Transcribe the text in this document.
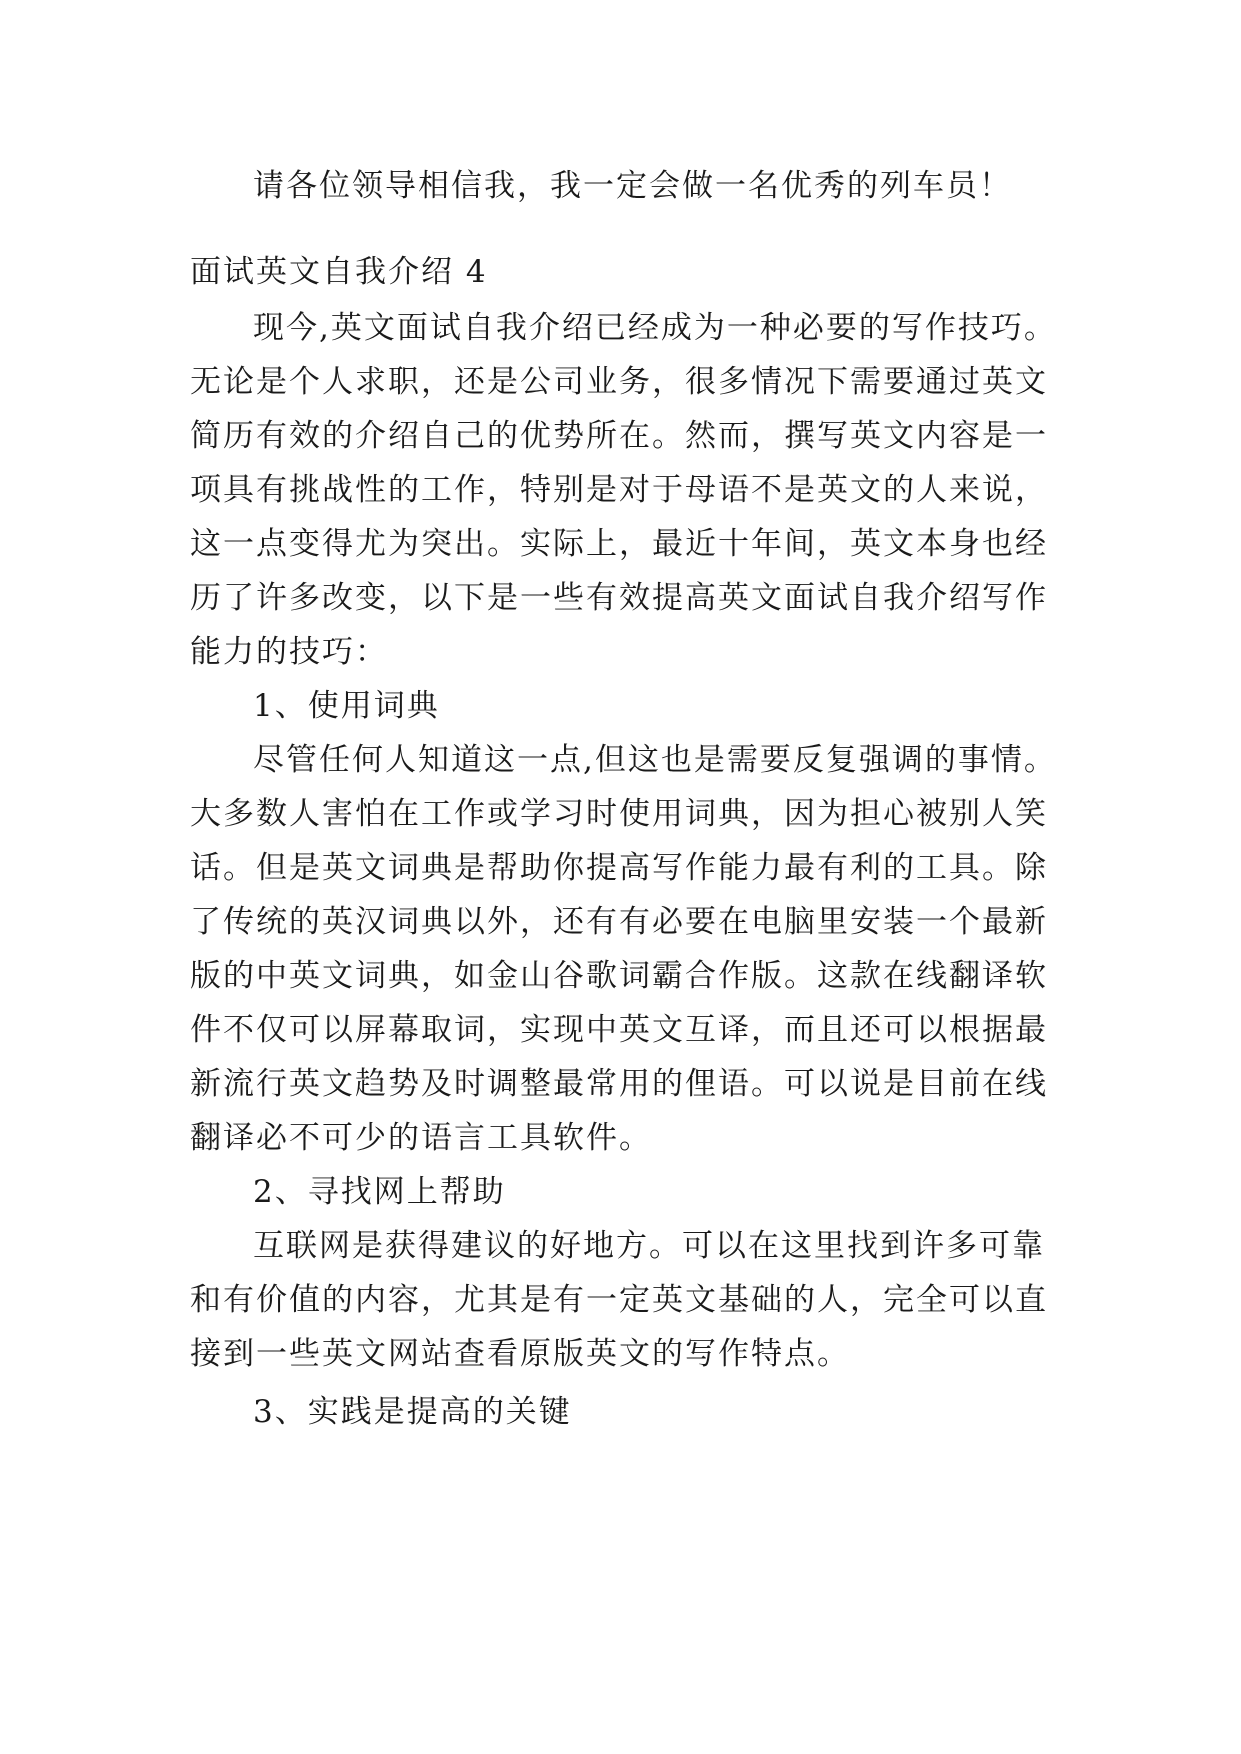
请各位领导相信我，我一定会做一名优秀的列车员！
面试英文自我介绍 4
现今,英文面试自我介绍已经成为一种必要的写作技巧。
无论是个人求职，还是公司业务，很多情况下需要通过英文
简历有效的介绍自己的优势所在。然而，撰写英文内容是一
项具有挑战性的工作，特别是对于母语不是英文的人来说，
这一点变得尤为突出。实际上，最近十年间，英文本身也经
历了许多改变，以下是一些有效提高英文面试自我介绍写作
能力的技巧：
1、使用词典
尽管任何人知道这一点,但这也是需要反复强调的事情。
大多数人害怕在工作或学习时使用词典，因为担心被别人笑
话。但是英文词典是帮助你提高写作能力最有利的工具。除
了传统的英汉词典以外，还有有必要在电脑里安装一个最新
版的中英文词典，如金山谷歌词霸合作版。这款在线翻译软
件不仅可以屏幕取词，实现中英文互译，而且还可以根据最
新流行英文趋势及时调整最常用的俚语。可以说是目前在线
翻译必不可少的语言工具软件。
2、寻找网上帮助
互联网是获得建议的好地方。可以在这里找到许多可靠
和有价值的内容，尤其是有一定英文基础的人，完全可以直
接到一些英文网站查看原版英文的写作特点。
3、实践是提高的关键
